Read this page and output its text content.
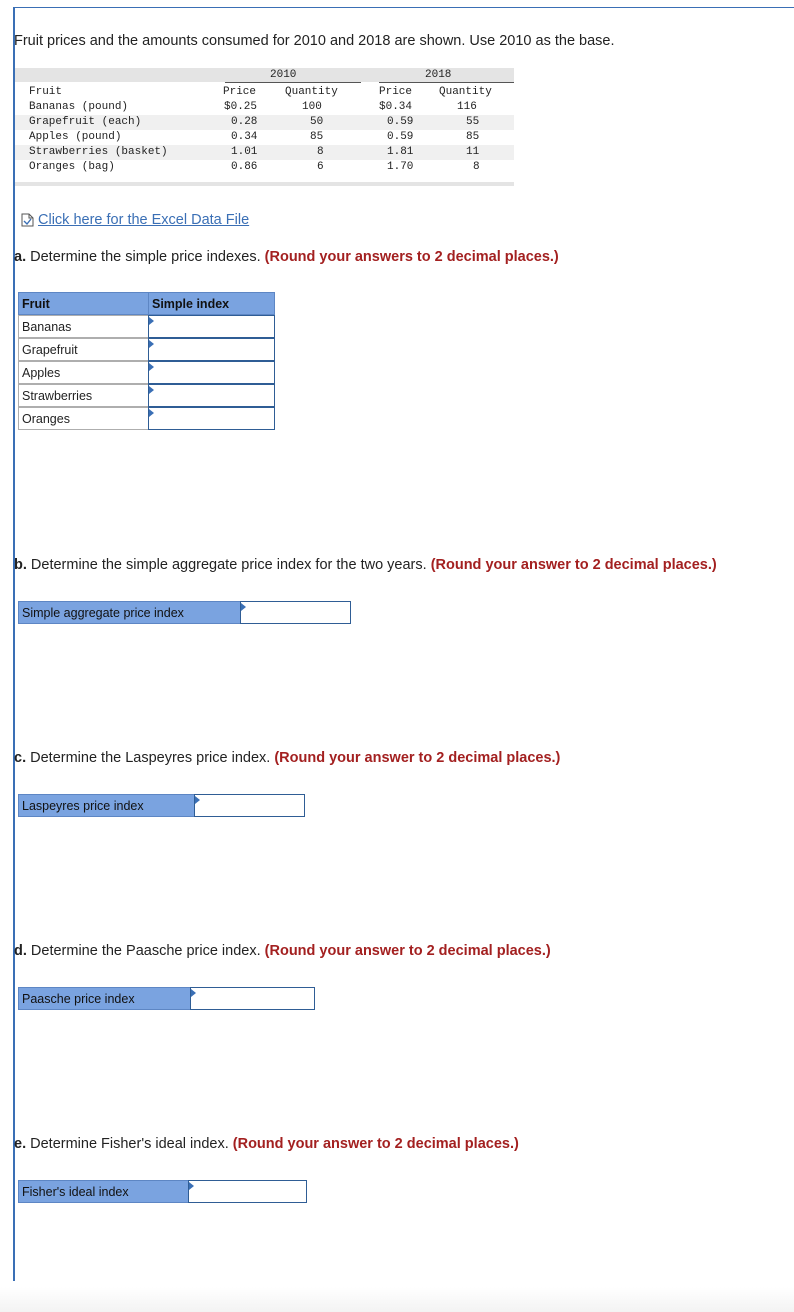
Fruit prices and the amounts consumed for 2010 and 2018 are shown. Use 2010 as the base.
2010	2018
Fruit	Price	Quantity	Price Quantity
Bananas (pound)	$0.25	100	$0.34	116
Grapefruit (each)	0.28	50	0.59	55
Apples (pound)	0.34	85	0.59	85
Strawberries (basket)	1.01	8	1.81	11
Oranges (bag)	0.86	6	1.70	8
Click here for the Excel Data File
a. Determine the simple price indexes. (Round your answers to 2 decimal places.)
Fruit	Simple index
Bananas
Grapefruit
Apples
Strawberries
Oranges
b. Determine the simple aggregate price index for the two years. (Round your answer to 2 decimal places.)
Simple aggregate price index
c. Determine the Laspeyres price index. (Round your answer to 2 decimal places.)
Laspeyres price index
d. Determine the Paasche price index. (Round your answer to 2 decimal places.)
Paasche price index
e. Determine Fisher's ideal index. (Round your answer to 2 decimal places.)
Fisher's ideal index
